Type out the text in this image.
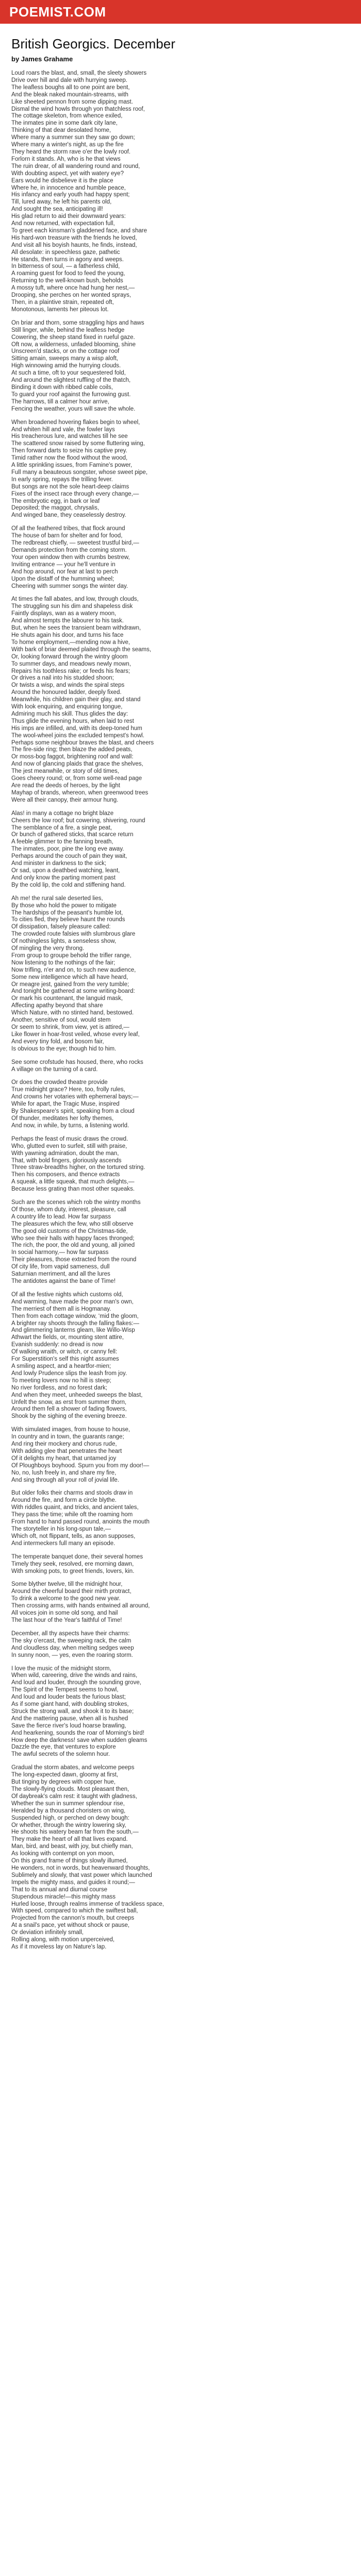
POEMIST.COM
British Georgics. December
by James Grahame
Loud roars the blast, and, small, the sleety showers
Drive over hill and dale with hurrying sweep.
The leafless boughs all to one point are bent,
And the bleak naked mountain-streams, with
Like sheeted pennon from some dipping mast.
Dismal the wind howls through yon thatchless roof,
The cottage skeleton, from whence exiled,
The inmates pine in some dark city lane,
Thinking of that dear desolated home,
Where many a summer sun they saw go down;
Where many a winter's night, as up the fire
They heard the storm rave o'er the lowly roof.
Forlorn it stands. Ah, who is he that views
The ruin drear, of all wandering round and round,
With doubting aspect, yet with watery eye?
Ears would he disbelieve it is the place
Where he, in innocence and humble peace,
His infancy and early youth had happy spent;
Till, lured away, he left his parents old,
And sought the sea, anticipating ill!
His glad return to aid their downward years:
And now returned, with expectation full,
To greet each kinsman's gladdened face, and share
His hard-won treasure with the friends he loved,
And visit all his boyish haunts, he finds, instead,
All desolate: in speechless gaze, pathetic
He stands, then turns in agony and weeps.
In bitterness of soul, — a fatherless child,
A roaming guest for food to feed the young,
Returning to the well-known bush, beholds
A mossy tuft, where once had hung her nest,—
Drooping, she perches on her wonted sprays,
Then, in a plaintive strain, repeated oft,
Monotonous, laments her piteous lot.
On briar and thorn, some straggling hips and haws
Still linger, while, behind the leafless hedge
Cowering, the sheep stand fixed in rueful gaze.
Oft now, a wilderness, unfaded blooming, shine
Unscreen'd stacks, or on the cottage roof
Sitting amain, sweeps many a wisp aloft,
High winnowing amid the hurrying clouds.
At such a time, oft to your sequestered fold,
And around the slightest ruffling of the thatch,
Binding it down with ribbed cable coils,
To guard your roof against the furrowing gust.
The harrows, till a calmer hour arrive,
Fencing the weather, yours will save the whole.
When broadened hovering flakes begin to wheel,
And whiten hill and vale, the fowler lays
His treacherous lure, and watches till he see
The scattered snow raised by some fluttering wing,
Then forward darts to seize his captive prey.
Timid rather now the flood without the wood,
A little sprinkling issues, from Famine's power,
Full many a beauteous songster, whose sweet pipe,
In early spring, repays the trilling fever.
But songs are not the sole heart-deep claims
Fixes of the insect race through every change,—
The embryotic egg, in bark or leaf
Deposited; the maggot, chrysalis,
And winged bane, they ceaselessly destroy.
Of all the feathered tribes, that flock around
The house of barn for shelter and for food,
The redbreast chiefly, — sweetest trustful bird,—
Demands protection from the coming storm.
Your open window then with crumbs bestrew,
Inviting entrance — your he'll venture in
And hop around, nor fear at last to perch
Upon the distaff of the humming wheel;
Cheering with summer songs the winter day.
At times the fall abates, and low, through clouds,
The struggling sun his dim and shapeless disk
Faintly displays, wan as a watery moon,
And almost tempts the labourer to his task.
But, when he sees the transient beam withdrawn,
He shuts again his door, and turns his face
To home employment,—mending now a hive,
With bark of briar deemed plaited through the seams,
Or, looking forward through the wintry gloom
To summer days, and meadows newly mown,
Repairs his toothless rake; or feeds his fears;
Or drives a nail into his studded shoon;
Or twists a wisp, and winds the spiral steps
Around the honoured ladder, deeply fixed.
Meanwhile, his children gain their glay, and stand
With look enquiring, and enquiring tongue,
Admiring much his skill. Thus glides the day:
Thus glide the evening hours, when laid to rest
His imps are infilled, and, with its deep-toned hum
The wool-wheel joins the excluded tempest's howl.
Perhaps some neighbour braves the blast, and cheers
The fire-side ring; then blaze the added peats,
Or moss-bog faggot, brightening roof and wall:
And now of glancing plaids that grace the shelves,
The jest meanwhile, or story of old times,
Goes cheery round; or, from some well-read page
Are read the deeds of heroes, by the light
Mayhap of brands, whereon, when greenwood trees
Were all their canopy, their armour hung.
Alas! in many a cottage no bright blaze
Cheers the low roof; but cowering, shivering, round
The semblance of a fire, a single peat,
Or bunch of gathered sticks, that scarce return
A feeble glimmer to the fanning breath,
The inmates, poor, pine the long eve away.
Perhaps around the couch of pain they wait,
And minister in darkness to the sick;
Or sad, upon a deathbed watching, leant,
And only know the parting moment past
By the cold lip, the cold and stiffening hand.
Ah me! the rural sale deserted lies,
By those who hold the power to mitigate
The hardships of the peasant's humble lot,
To cities fled, they believe haunt the rounds
Of dissipation, falsely pleasure called:
The crowded route falsies with slumbrous glare
Of nothingless lights, a senseless show,
Of mingling the very throng.
From group to groupe behold the trifler range,
Now listening to the nothings of the fair;
Now trifling, n'er and on, to such new audience,
Some new intelligence which all have heard,
Or meagre jest, gained from the very tumble;
And tonight be gathered at some writing-board:
Or mark his countenant, the languid mask,
Affecting apathy beyond that share
Which Nature, with no stinted hand, bestowed.
Another, sensitive of soul, would stem
Or seem to shrink, from view, yet is attired,—
Like flower in hoar-frost veiled, whose every leaf,
And every tiny fold, and bosom fair,
Is obvious to the eye; though hid to him.
See some crofstude has housed, there, who rocks
A village on the turning of a card.
Or does the crowded theatre provide
True midnight grace? Here, too, frolly rules,
And crowns her votaries with ephemeral bays;—
While for apart, the Tragic Muse, inspired
By Shakespeare's spirit, speaking from a cloud
Of thunder, meditates her lofty themes,
And now, in while, by turns, a listening world.
Perhaps the feast of music draws the crowd.
Who, glutted even to surfeit, still with praise,
With yawning admiration, doubt the man,
That, with bold fingers, gloriously ascends
Three straw-breadths higher, on the tortured string.
Then his composers, and thence extracts
A squeak, a little squeak, that much delights,—
Because less grating than most other squeaks.
Such are the scenes which rob the wintry months
Of those, whom duty, interest, pleasure, call
A country life to lead. How far surpass
The pleasures which the few, who still observe
The good old customs of the Christmas-tide,
Who see their halls with happy faces thronged;
The rich, the poor, the old and young, all joined
In social harmony,— how far surpass
Their pleasures, those extracted from the round
Of city life, from vapid sameness, dull
Saturnian merriment, and all the lures
The antidotes against the bane of Time!
Of all the festive nights which customs old,
And warming, have made the poor man's own,
The merriest of them all is Hogmanay.
Then from each cottage window, ‘mid the gloom,
A brighter ray shoots through the falling flakes:—
And glimmering lanterns gleam, like Willo-Wisp
Athwart the fields, or, mounting stent attire,
Evanish suddenly: no dread is now
Of walking wraith, or witch, or canny fell:
For Superstition's self this night assumes
A smiling aspect, and a heartfor-mien;
And lowly Prudence slips the leash from joy.
To meeting lovers now no hill is steep;
No river fordless, and no forest dark;
And when they meet, unheeded sweeps the blast,
Unfelt the snow, as erst from summer thorn,
Around them fell a shower of fading flowers,
Shook by the sighing of the evening breeze.
With simulated images, from house to house,
In country and in town, the guarants range;
And ring their mockery and chorus rude,
With adding glee that penetrates the heart
Of it delights my heart, that untamed joy
Of Ploughboys boyhood. Spurn you from my door!—
No, no, lush freely in, and share my fire,
And sing through all your roll of jovial life.
But older folks their charms and stools draw in
Around the fire, and form a circle blythe.
With riddles quaint, and tricks, and ancient tales,
They pass the time; while oft the roaming hom
From hand to hand passed round, anoints the mouth
The storyteller in his long-spun tale,—
Which oft, not flippant, tells, as anon supposes,
And intermeckers full many an episode.
The temperate banquet done, their several homes
Timely they seek, resolved, ere morning dawn,
With smoking pots, to greet friends, lovers, kin.
Some blyther twelve, till the midnight hour,
Around the cheerful board their mirth protract,
To drink a welcome to the good new year.
Then crossing arms, with hands entwined all around,
All voices join in some old song, and hail
The last hour of the Year's faithful of Time!
December, all thy aspects have their charms:
The sky o'ercast, the sweeping rack, the calm
And cloudless day, when melting sedges weep
In sunny noon, — yes, even the roaring storm.
I love the music of the midnight storm,
When wild, careering, drive the winds and rains,
And loud and louder, through the sounding grove,
The Spirit of the Tempest seems to howl,
And loud and louder beats the furious blast;
As if some giant hand, with doubling strokes,
Struck the strong wall, and shook it to its base;
And the mattering pause, when all is hushed
Save the fierce river's loud hoarse brawling,
And hearkening, sounds the roar of Morning's bird!
How deep the darkness! save when sudden gleams
Dazzle the eye, that ventures to explore
The awful secrets of the solemn hour.
Gradual the storm abates, and welcome peeps
The long-expected dawn, gloomy at first,
But tinging by degrees with copper hue,
The slowly-flying clouds. Most pleasant then,
Of daybreak's calm rest: it taught with gladness,
Whether the sun in summer splendour rise,
Heralded by a thousand choristers on wing,
Suspended high, or perched on dewy bough:
Or whether, through the wintry lowering sky,
He shoots his watery beam far from the south,—
They make the heart of all that lives expand.
Man, bird, and beast, with joy, but chiefly man,
As looking with contempt on yon moon,
On this grand frame of things slowly illumed,
He wonders, not in words, but heavenward thoughts,
Sublimely and slowly, that vast power which launched
Impels the mighty mass, and guides it round;—
That to its annual and diurnal course
Stupendous miracle!—this mighty mass
Hurled loose, through realms immense of trackless space,
With speed, compared to which the swiftest ball,
Projected from the cannon's mouth, but creeps
At a snail's pace, yet without shock or pause,
Or deviation infinitely small,
Rolling along, with motion unperceived,
As if it moveless lay on Nature's lap.
